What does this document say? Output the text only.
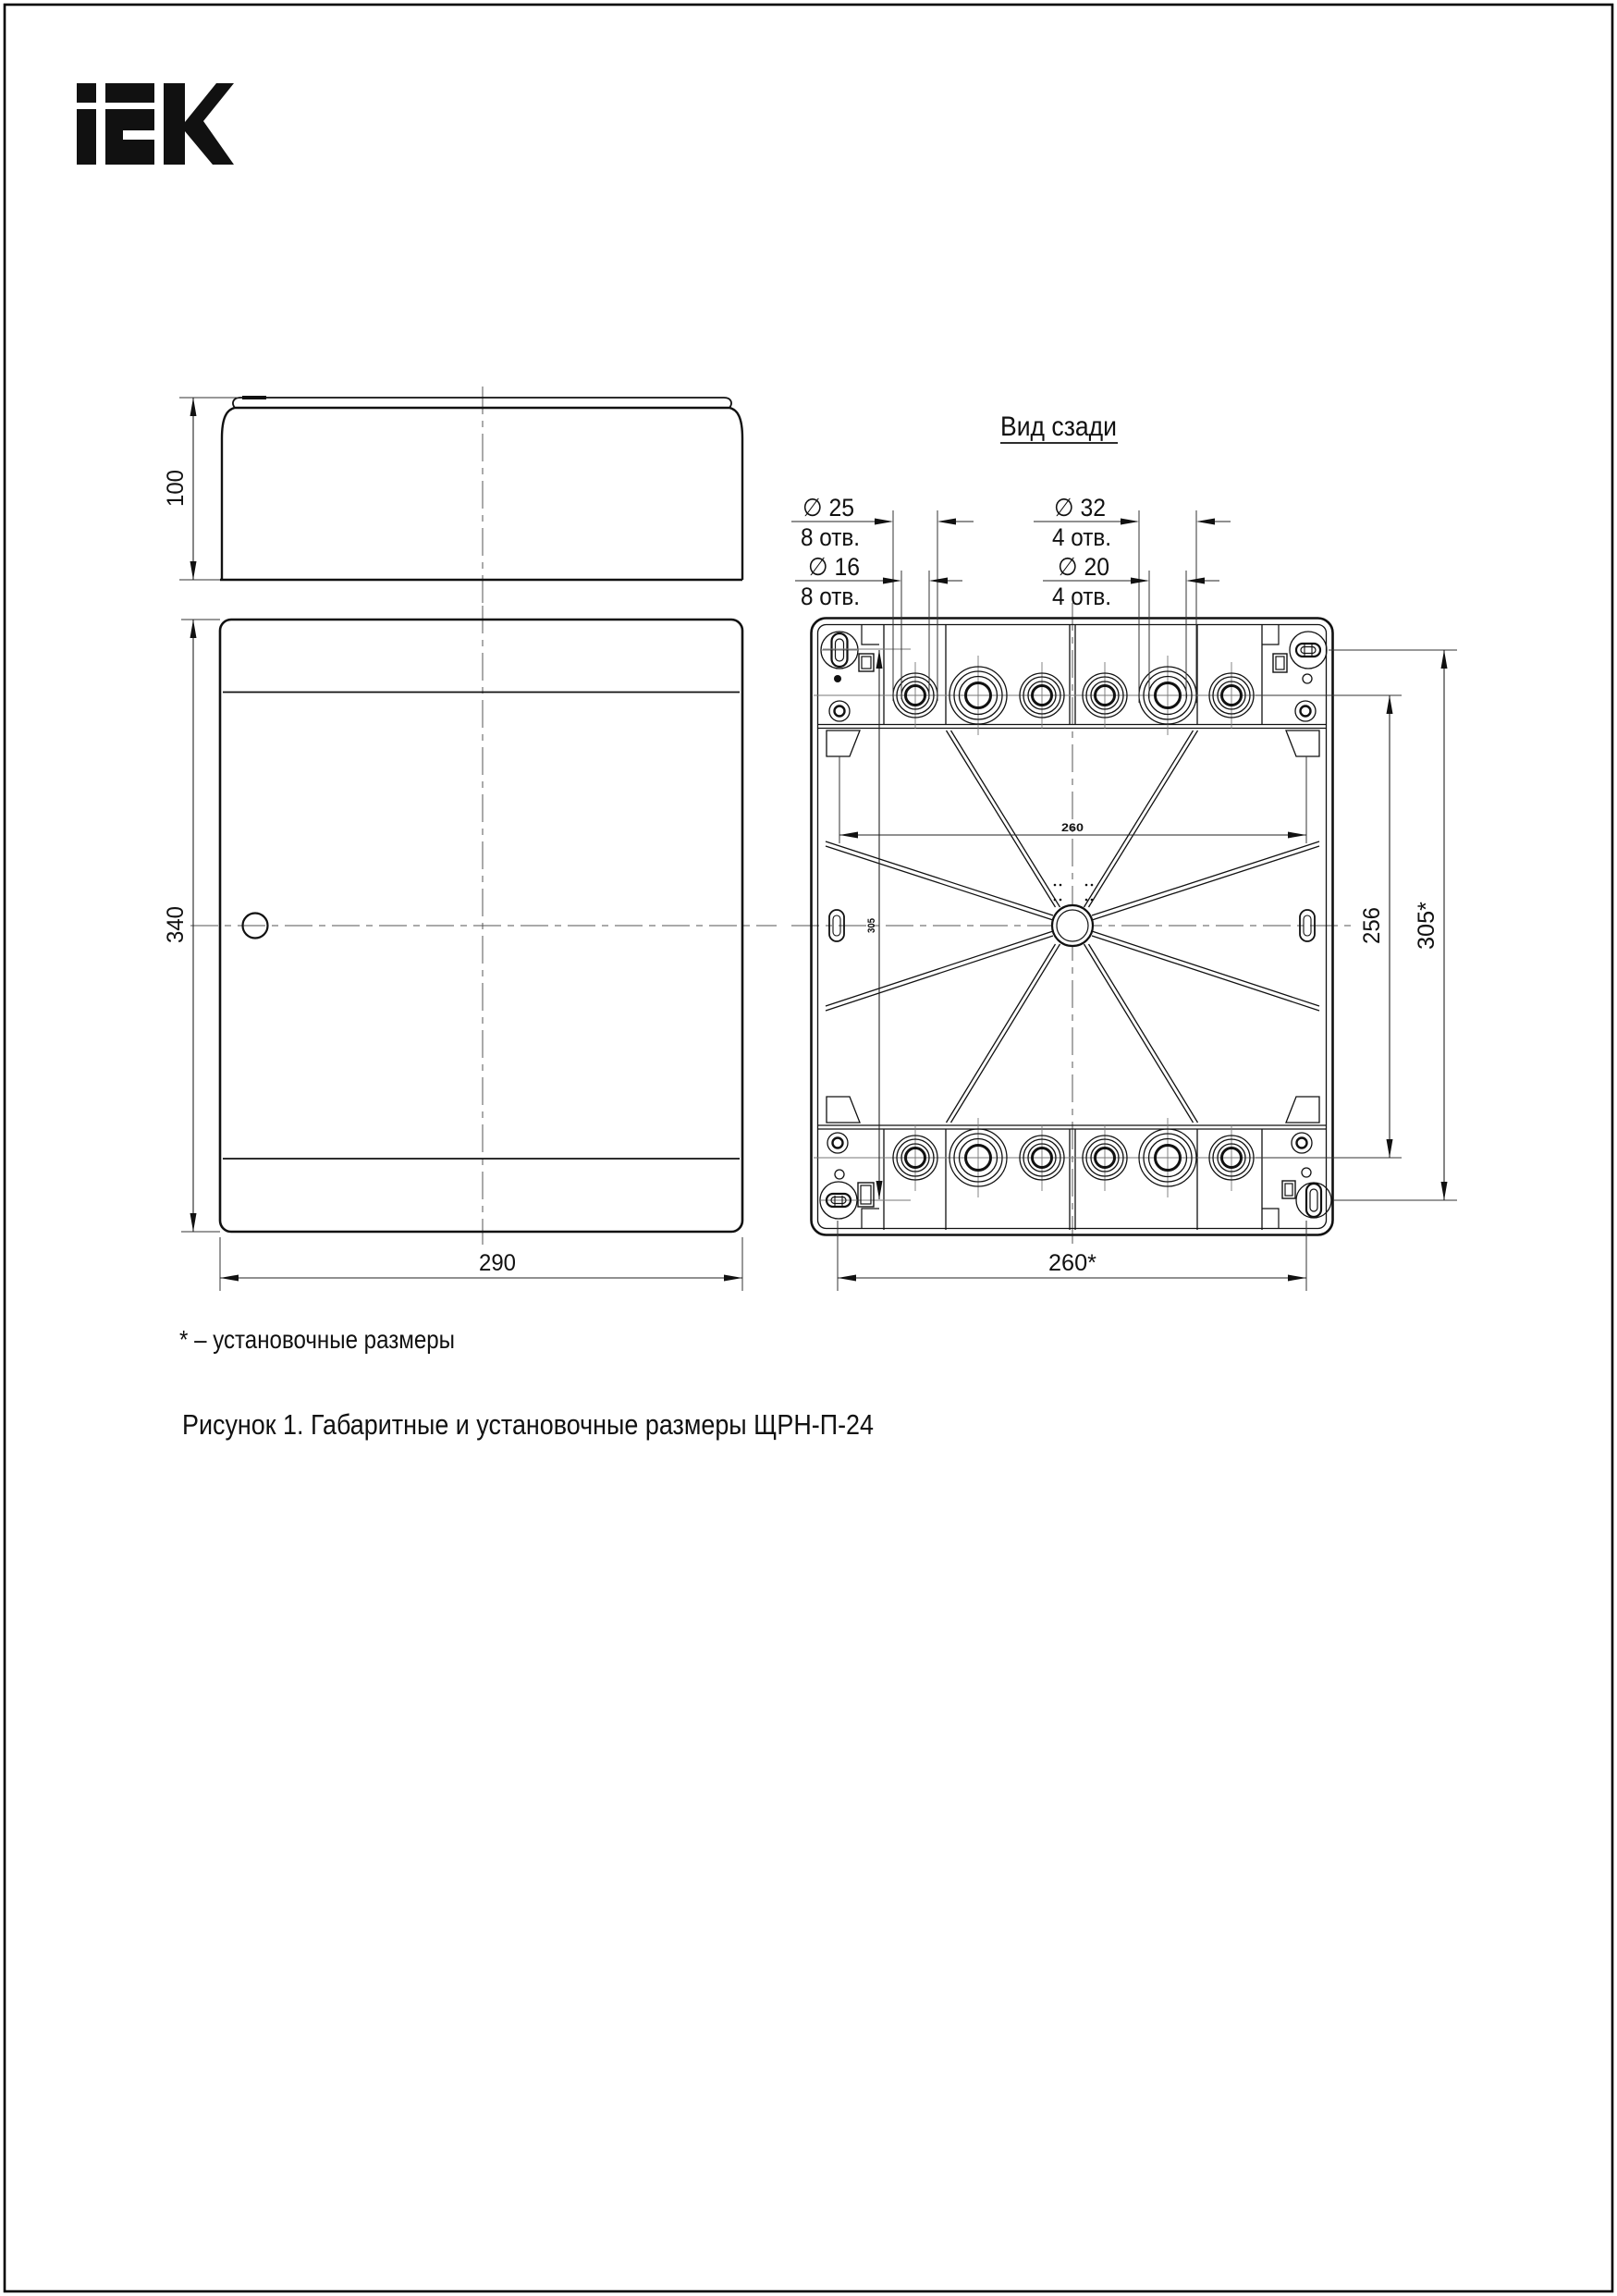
100
340
290
Вид сзади
305
260
∅ 25
8 отв.
∅ 16
8 отв.
∅ 32
4 отв.
∅ 20
4 отв.
256 305*
260*
* – установочные размеры
Рисунок 1. Габаритные и установочные размеры ЩРН-П-24
